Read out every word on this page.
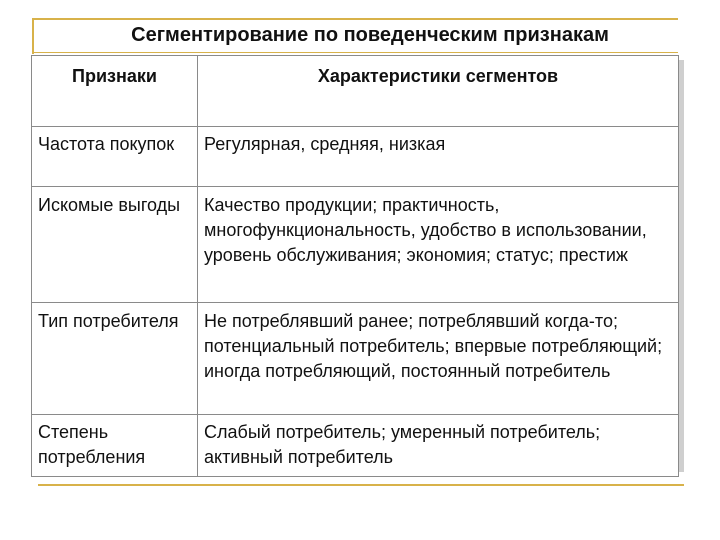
Сегментирование по поведенческим признакам
Признаки	Характеристики сегментов
Частота покупок	Регулярная, средняя, низкая
Искомые выгоды	Качество продукции; практичность, многофункциональность, удобство в использовании, уровень обслуживания; экономия; статус; престиж
Тип потребителя	Не потреблявший ранее; потреблявший когда-то; потенциальный потребитель; впервые потребляющий; иногда потребляющий, постоянный потребитель
Степень потребления	Слабый потребитель; умеренный потребитель; активный потребитель
